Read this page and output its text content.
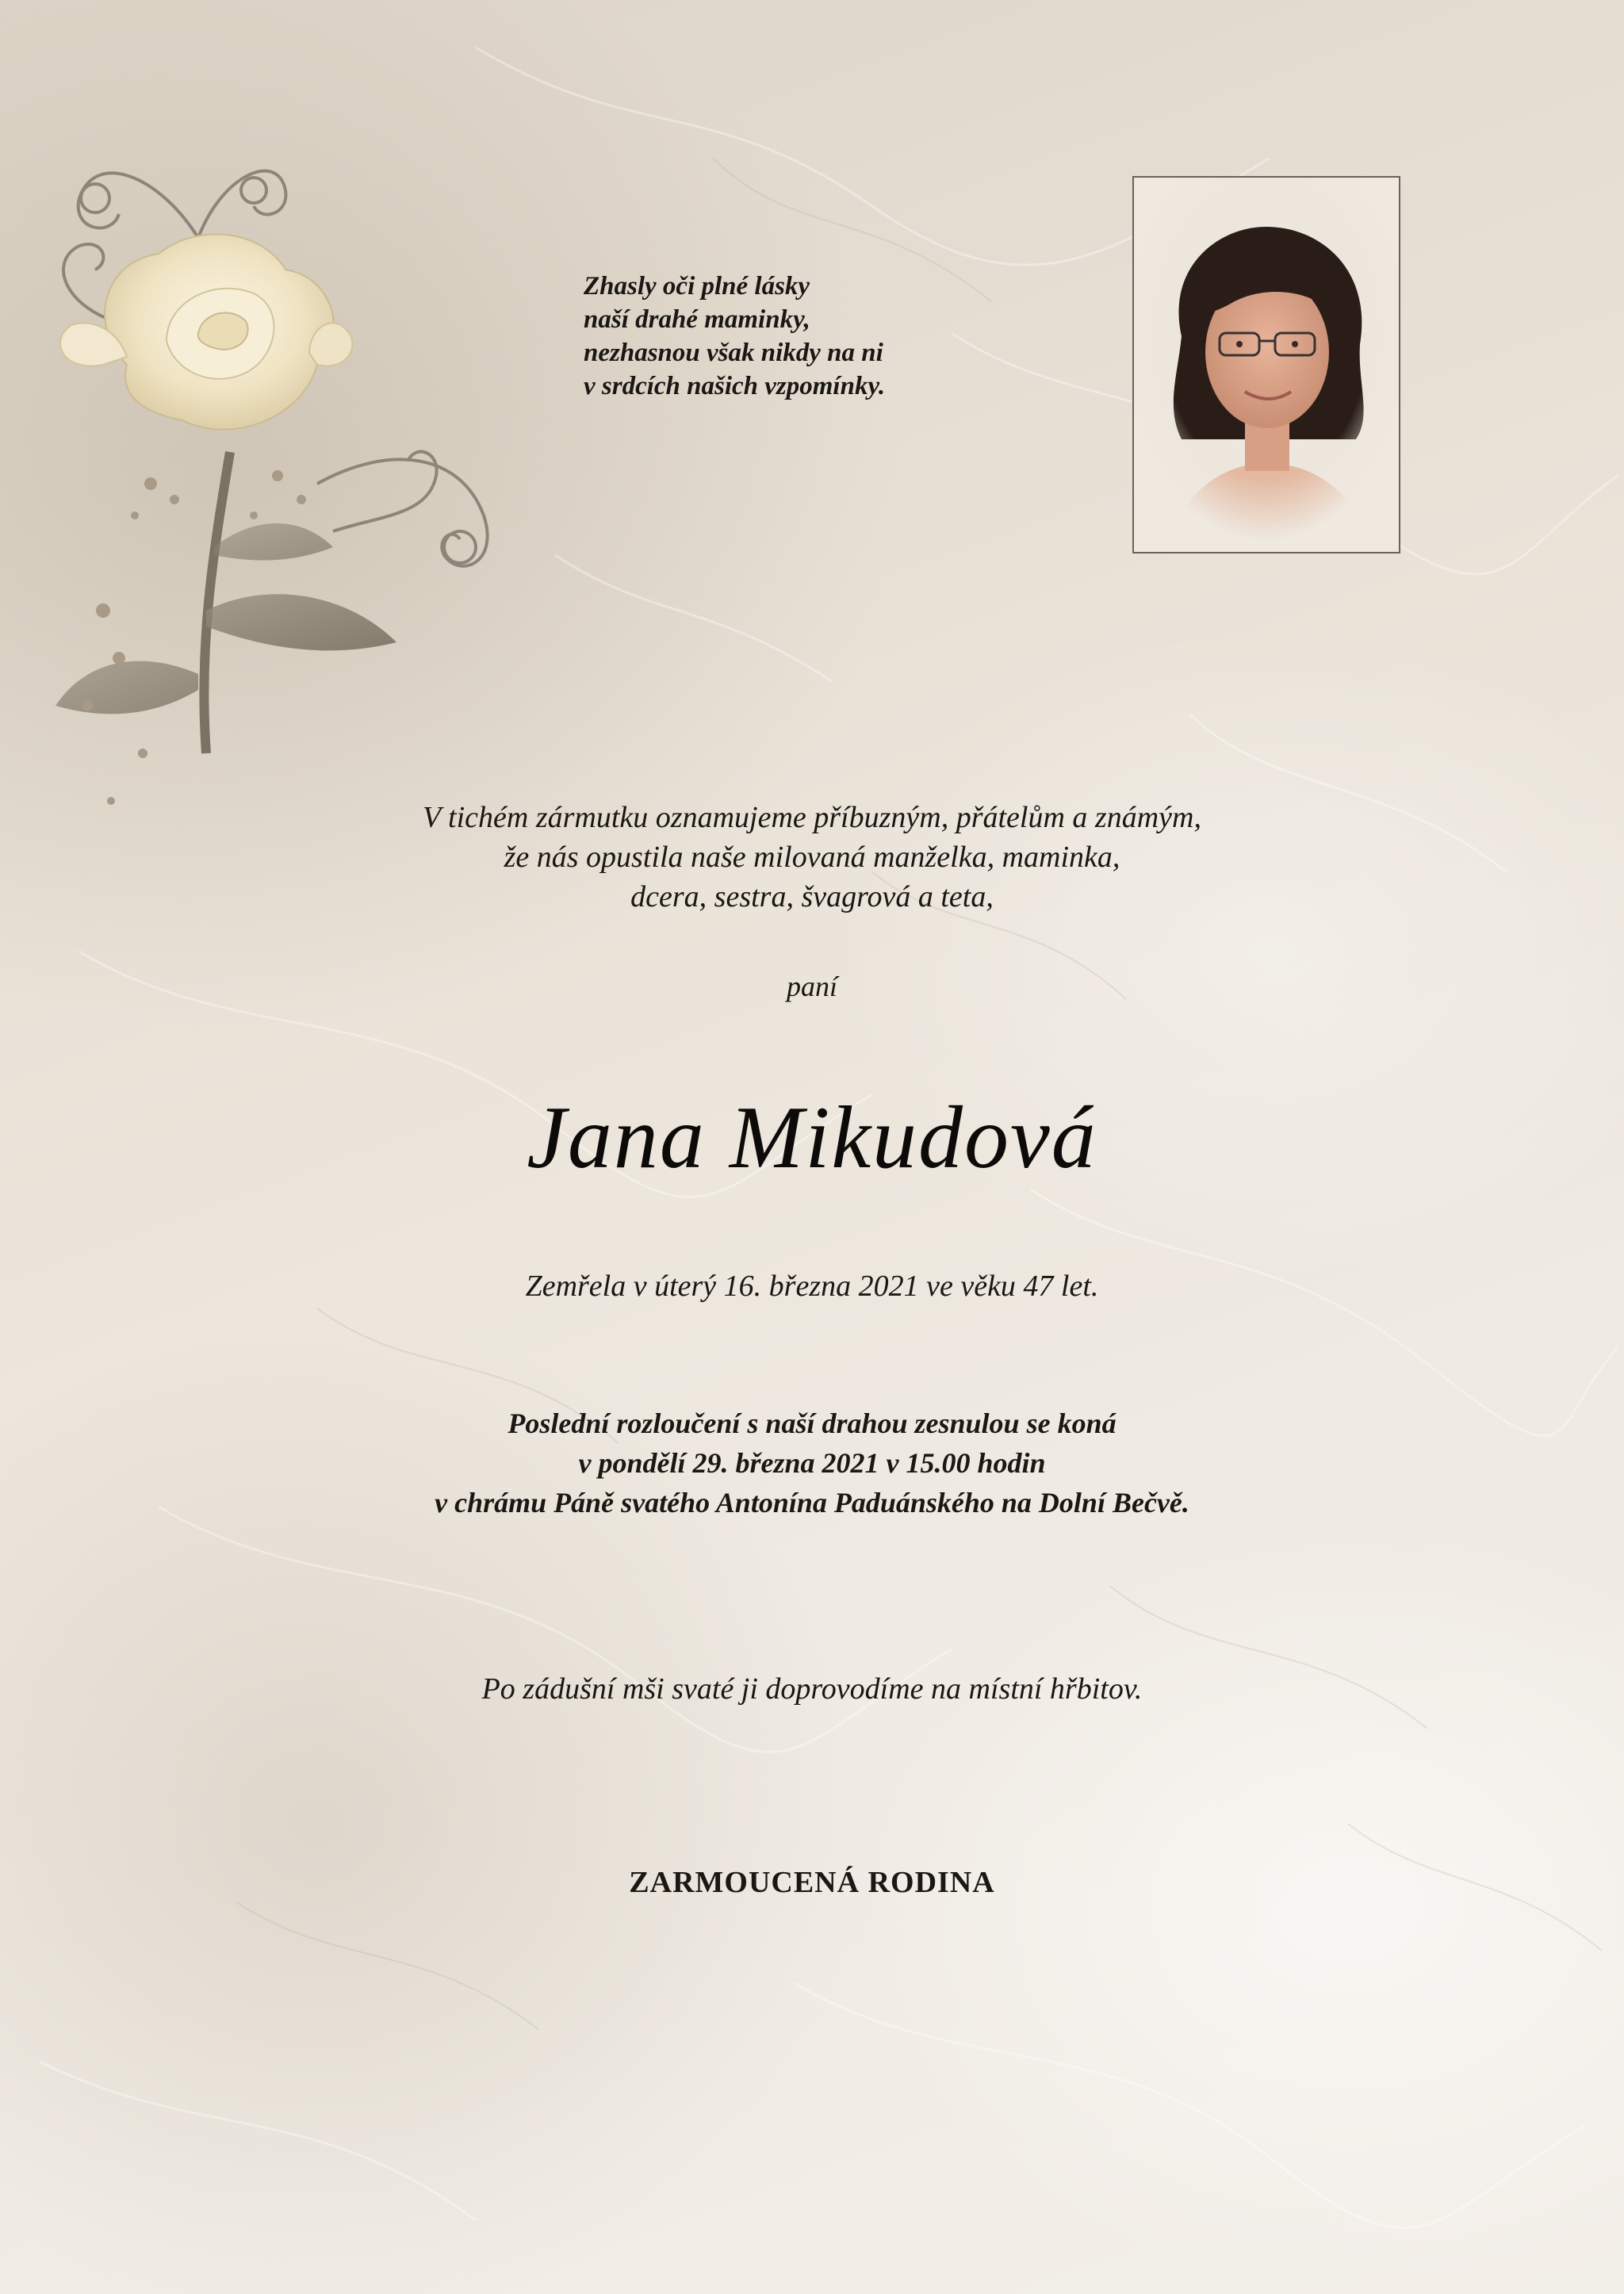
Zhasly oči plné lásky
naší drahé maminky,
nezhasnou však nikdy na ni
v srdcích našich vzpomínky.
V tichém zármutku oznamujeme příbuzným, přátelům a známým,
že nás opustila naše milovaná manželka, maminka,
dcera, sestra, švagrová a teta,
paní
Jana Mikudová
Zemřela v úterý 16. března 2021 ve věku 47 let.
Poslední rozloučení s naší drahou zesnulou se koná
v pondělí 29. března 2021 v 15.00 hodin
v chrámu Páně svatého Antonína Paduánského na Dolní Bečvě.
Po zádušní mši svaté ji doprovodíme na místní hřbitov.
ZARMOUCENÁ RODINA
